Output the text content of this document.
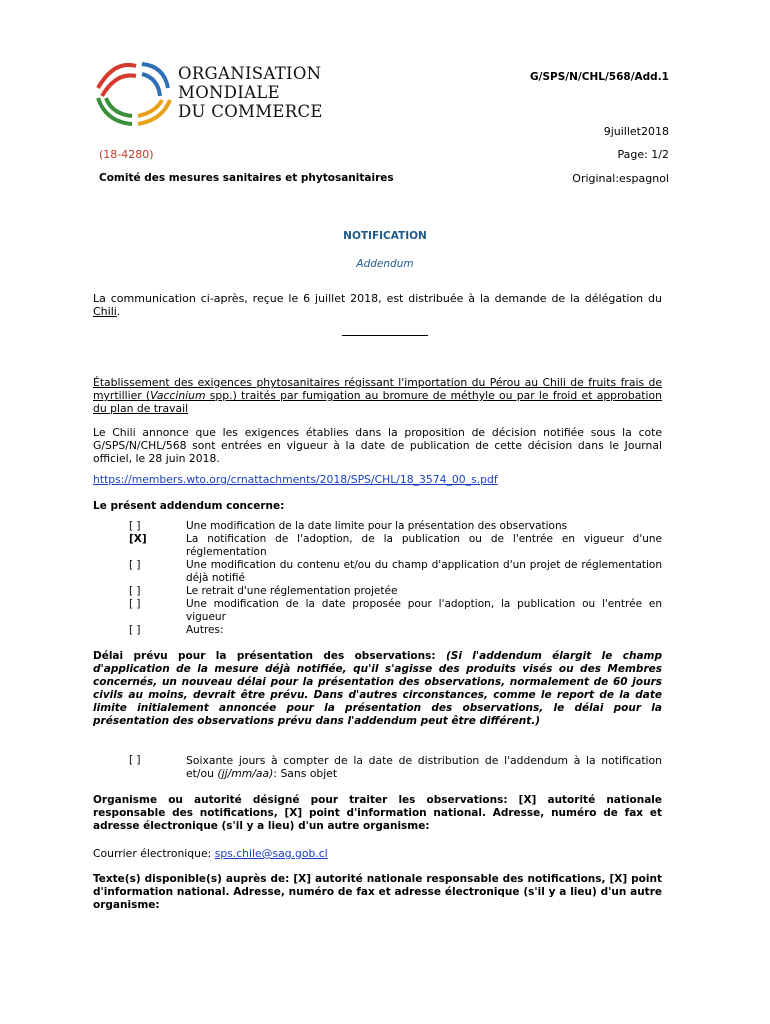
ORGANISATION
MONDIALE
DU COMMERCE
G/SPS/N/CHL/568/Add.1
9juillet2018
(18-4280)	Page: 1/2
Comité des mesures sanitaires et phytosanitaires	Original:espagnol
NOTIFICATION
Addendum
La communication ci-après, reçue le 6 juillet 2018, est distribuée à la demande de la délégation du Chili.
Établissement des exigences phytosanitaires régissant l'importation du Pérou au Chili de fruits frais de myrtillier (Vaccinium spp.) traités par fumigation au bromure de méthyle ou par le froid et approbation du plan de travail
Le Chili annonce que les exigences établies dans la proposition de décision notifiée sous la cote G/SPS/N/CHL/568 sont entrées en vigueur à la date de publication de cette décision dans le Journal officiel, le 28 juin 2018.
https://members.wto.org/crnattachments/2018/SPS/CHL/18_3574_00_s.pdf
Le présent addendum concerne:
[ ]	Une modification de la date limite pour la présentation des observations
[X]	La notification de l'adoption, de la publication ou de l'entrée en vigueur d'une réglementation
[ ]	Une modification du contenu et/ou du champ d'application d'un projet de réglementation déjà notifié
[ ]	Le retrait d'une réglementation projetée
[ ]	Une modification de la date proposée pour l'adoption, la publication ou l'entrée en vigueur
[ ]	Autres:
Délai prévu pour la présentation des observations: (Si l'addendum élargit le champ d'application de la mesure déjà notifiée, qu'il s'agisse des produits visés ou des Membres concernés, un nouveau délai pour la présentation des observations, normalement de 60 jours civils au moins, devrait être prévu. Dans d'autres circonstances, comme le report de la date limite initialement annoncée pour la présentation des observations, le délai pour la présentation des observations prévu dans l'addendum peut être différent.)
[ ]	Soixante jours à compter de la date de distribution de l'addendum à la notification et/ou (jj/mm/aa): Sans objet
Organisme ou autorité désigné pour traiter les observations: [X] autorité nationale responsable des notifications, [X] point d'information national. Adresse, numéro de fax et adresse électronique (s'il y a lieu) d'un autre organisme:
Courrier électronique: sps.chile@sag.gob.cl
Texte(s) disponible(s) auprès de: [X] autorité nationale responsable des notifications, [X] point d'information national. Adresse, numéro de fax et adresse électronique (s'il y a lieu) d'un autre organisme:
